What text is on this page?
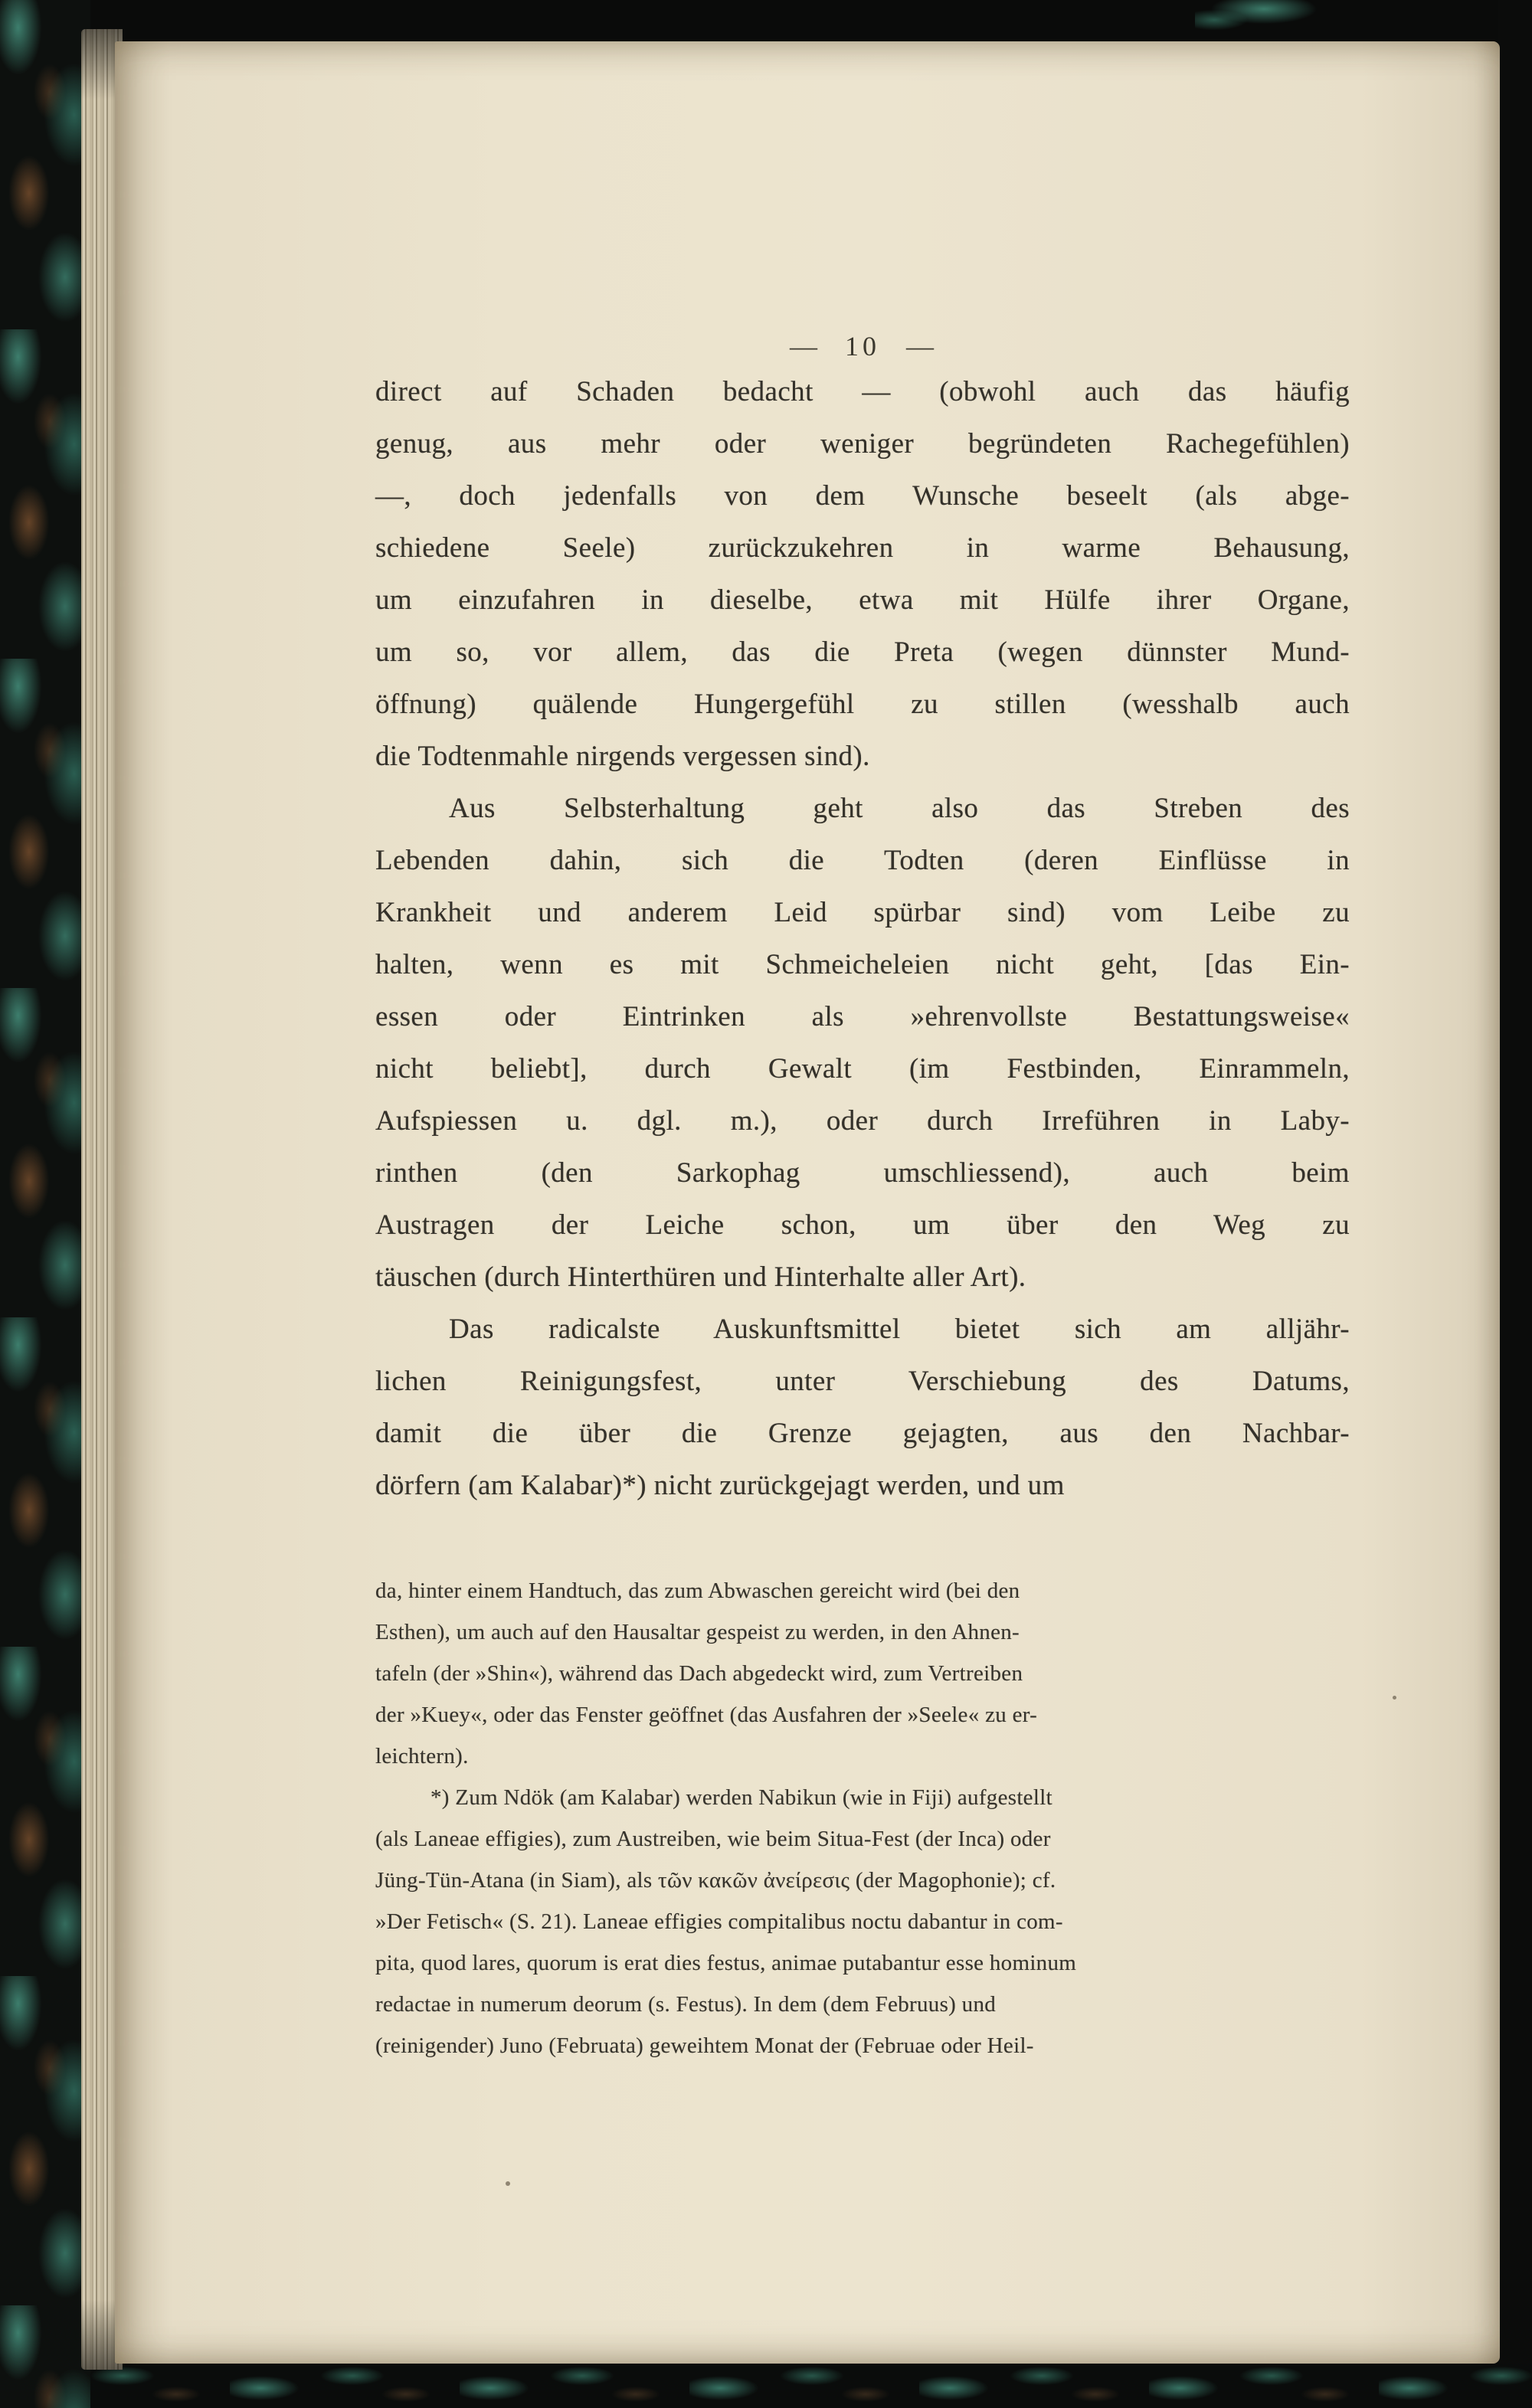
— 10 —
direct auf Schaden bedacht — (obwohl auch das häufig
genug, aus mehr oder weniger begründeten Rachegefühlen)
—, doch jedenfalls von dem Wunsche beseelt (als abge-
schiedene Seele) zurückzukehren in warme Behausung,
um einzufahren in dieselbe, etwa mit Hülfe ihrer Organe,
um so, vor allem, das die Preta (wegen dünnster Mund-
öffnung) quälende Hungergefühl zu stillen (wesshalb auch
die Todtenmahle nirgends vergessen sind).
Aus Selbsterhaltung geht also das Streben des
Lebenden dahin, sich die Todten (deren Einflüsse in
Krankheit und anderem Leid spürbar sind) vom Leibe zu
halten, wenn es mit Schmeicheleien nicht geht, [das Ein-
essen oder Eintrinken als »ehrenvollste Bestattungsweise«
nicht beliebt], durch Gewalt (im Festbinden, Einrammeln,
Aufspiessen u. dgl. m.), oder durch Irreführen in Laby-
rinthen (den Sarkophag umschliessend), auch beim
Austragen der Leiche schon, um über den Weg zu
täuschen (durch Hinterthüren und Hinterhalte aller Art).
Das radicalste Auskunftsmittel bietet sich am alljähr-
lichen Reinigungsfest, unter Verschiebung des Datums,
damit die über die Grenze gejagten, aus den Nachbar-
dörfern (am Kalabar)*) nicht zurückgejagt werden, und um
da, hinter einem Handtuch, das zum Abwaschen gereicht wird (bei den
Esthen), um auch auf den Hausaltar gespeist zu werden, in den Ahnen-
tafeln (der »Shin«), während das Dach abgedeckt wird, zum Vertreiben
der »Kuey«, oder das Fenster geöffnet (das Ausfahren der »Seele« zu er-
leichtern).
*) Zum Ndök (am Kalabar) werden Nabikun (wie in Fiji) aufgestellt
(als Laneae effigies), zum Austreiben, wie beim Situa-Fest (der Inca) oder
Jüng-Tün-Atana (in Siam), als τῶν κακῶν ἀνείρεσις (der Magophonie); cf.
»Der Fetisch« (S. 21). Laneae effigies compitalibus noctu dabantur in com-
pita, quod lares, quorum is erat dies festus, animae putabantur esse hominum
redactae in numerum deorum (s. Festus). In dem (dem Februus) und
(reinigender) Juno (Februata) geweihtem Monat der (Februae oder Heil-
